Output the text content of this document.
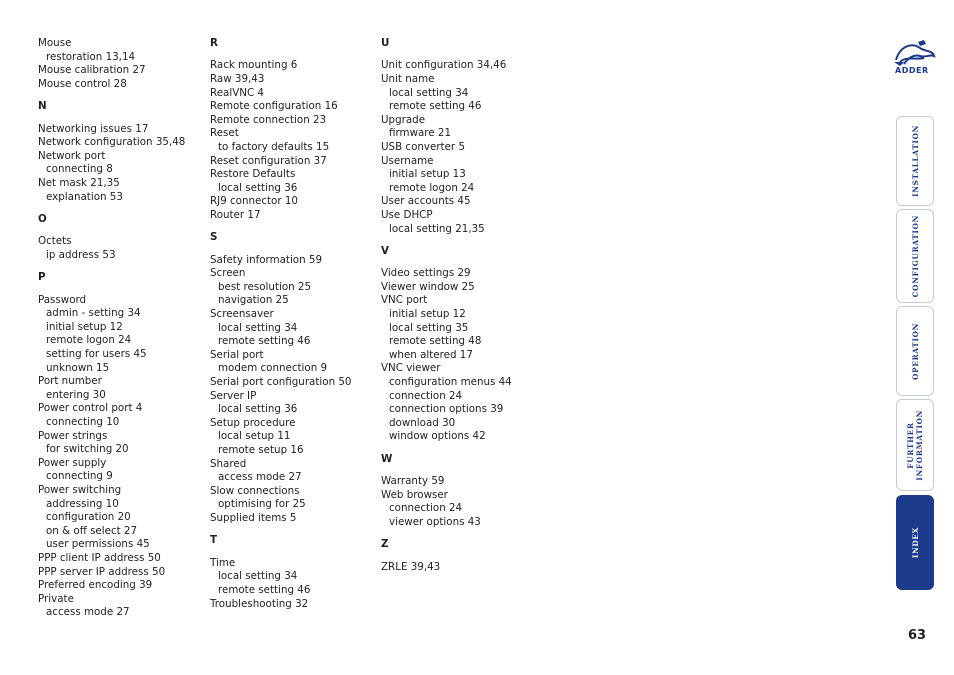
Mouse
restoration 13,14
Mouse calibration 27
Mouse control 28
N
Networking issues 17
Network configuration 35,48
Network port
connecting 8
Net mask 21,35
explanation 53
O
Octets
ip address 53
P
Password
admin - setting 34
initial setup 12
remote logon 24
setting for users 45
unknown 15
Port number
entering 30
Power control port 4
connecting 10
Power strings
for switching 20
Power supply
connecting 9
Power switching
addressing 10
configuration 20
on & off select 27
user permissions 45
PPP client IP address 50
PPP server IP address 50
Preferred encoding 39
Private
access mode 27
R
Rack mounting 6
Raw 39,43
RealVNC 4
Remote configuration 16
Remote connection 23
Reset
to factory defaults 15
Reset configuration 37
Restore Defaults
local setting 36
RJ9 connector 10
Router 17
S
Safety information 59
Screen
best resolution 25
navigation 25
Screensaver
local setting 34
remote setting 46
Serial port
modem connection 9
Serial port configuration 50
Server IP
local setting 36
Setup procedure
local setup 11
remote setup 16
Shared
access mode 27
Slow connections
optimising for 25
Supplied items 5
T
Time
local setting 34
remote setting 46
Troubleshooting 32
U
Unit configuration 34,46
Unit name
local setting 34
remote setting 46
Upgrade
firmware 21
USB converter 5
Username
initial setup 13
remote logon 24
User accounts 45
Use DHCP
local setting 21,35
V
Video settings 29
Viewer window 25
VNC port
initial setup 12
local setting 35
remote setting 48
when altered 17
VNC viewer
configuration menus 44
connection 24
connection options 39
download 30
window options 42
W
Warranty 59
Web browser
connection 24
viewer options 43
Z
ZRLE 39,43
ADDER
INSTALLATION
CONFIGURATION
OPERATION
FURTHER
INFORMATION
INDEX
63
